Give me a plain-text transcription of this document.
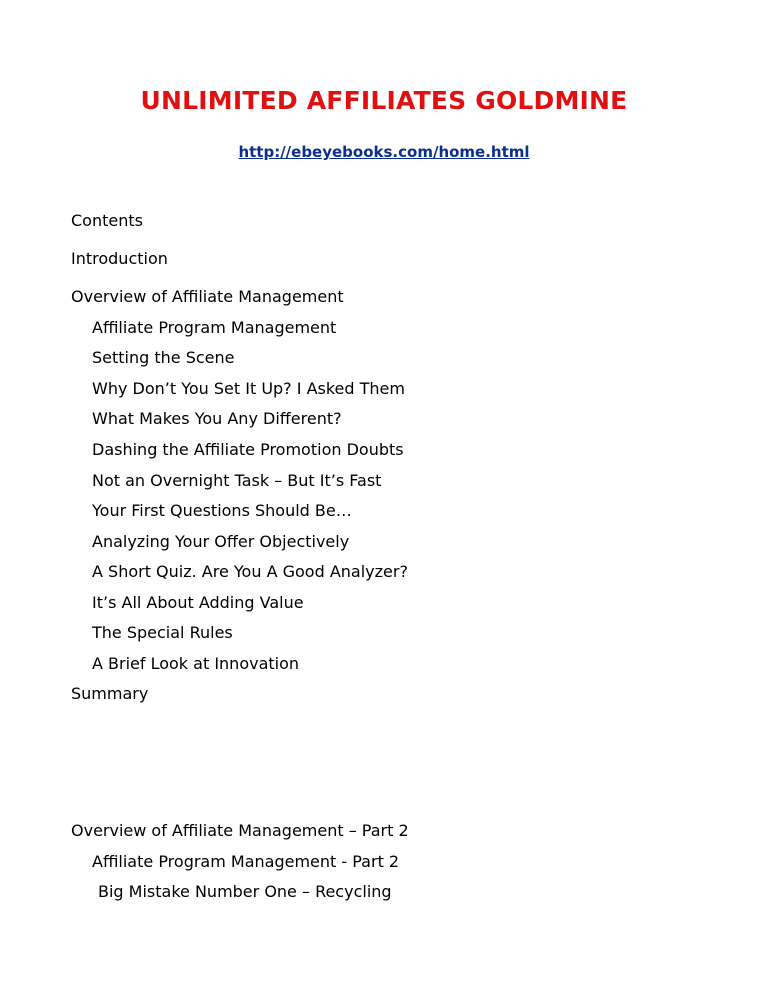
UNLIMITED AFFILIATES GOLDMINE
http://ebeyebooks.com/home.html
Contents
Introduction
Overview of Affiliate Management
Affiliate Program Management
Setting the Scene
Why Don’t You Set It Up? I Asked Them
What Makes You Any Different?
Dashing the Affiliate Promotion Doubts
Not an Overnight Task – But It’s Fast
Your First Questions Should Be…
Analyzing Your Offer Objectively
A Short Quiz. Are You A Good Analyzer?
It’s All About Adding Value
The Special Rules
A Brief Look at Innovation
Summary
Overview of Affiliate Management – Part 2
Affiliate Program Management - Part 2
Big Mistake Number One – Recycling
